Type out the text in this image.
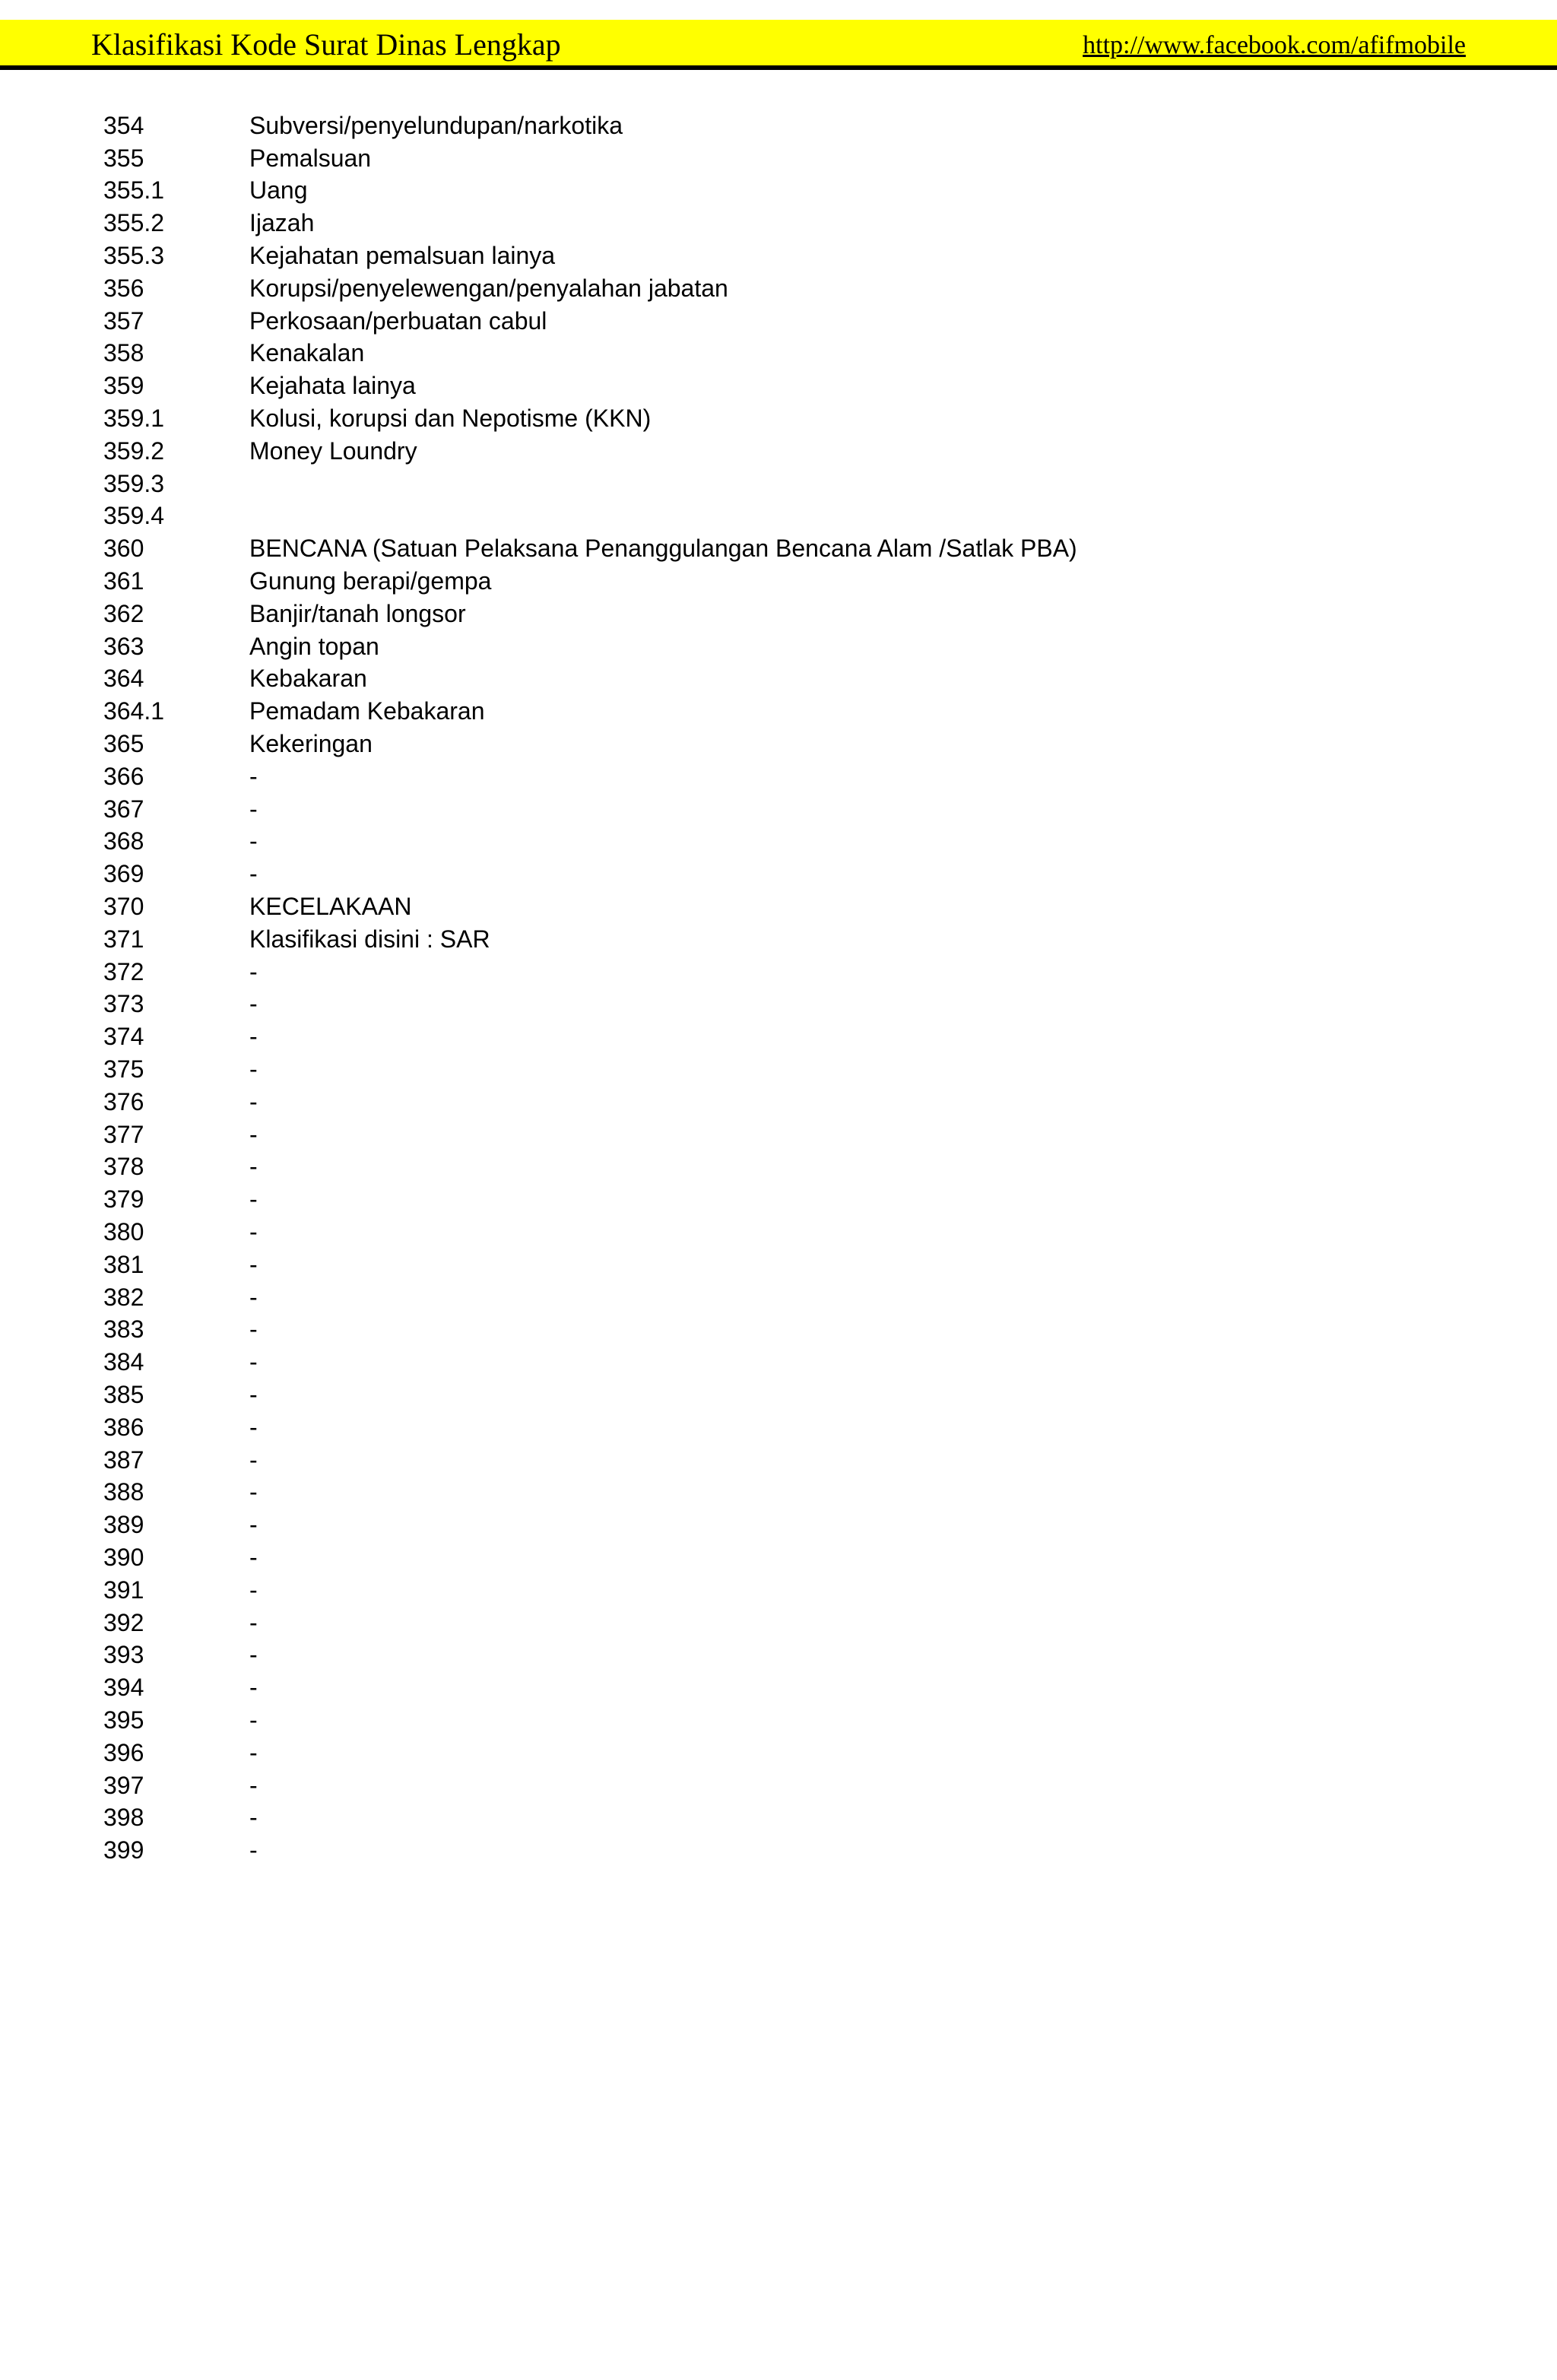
Klasifikasi Kode Surat Dinas Lengkap	http://www.facebook.com/afifmobile
354	Subversi/penyelundupan/narkotika
355	Pemalsuan
355.1	Uang
355.2	Ijazah
355.3	Kejahatan pemalsuan lainya
356	Korupsi/penyelewengan/penyalahan jabatan
357	Perkosaan/perbuatan cabul
358	Kenakalan
359	Kejahata lainya
359.1	Kolusi, korupsi dan Nepotisme (KKN)
359.2	Money Loundry
359.3
359.4
360	BENCANA (Satuan Pelaksana Penanggulangan Bencana Alam /Satlak PBA)
361	Gunung berapi/gempa
362	Banjir/tanah longsor
363	Angin topan
364	Kebakaran
364.1	Pemadam Kebakaran
365	Kekeringan
366	-
367	-
368	-
369	-
370	KECELAKAAN
371	Klasifikasi disini : SAR
372	-
373	-
374	-
375	-
376	-
377	-
378	-
379	-
380	-
381	-
382	-
383	-
384	-
385	-
386	-
387	-
388	-
389	-
390	-
391	-
392	-
393	-
394	-
395	-
396	-
397	-
398	-
399	-
